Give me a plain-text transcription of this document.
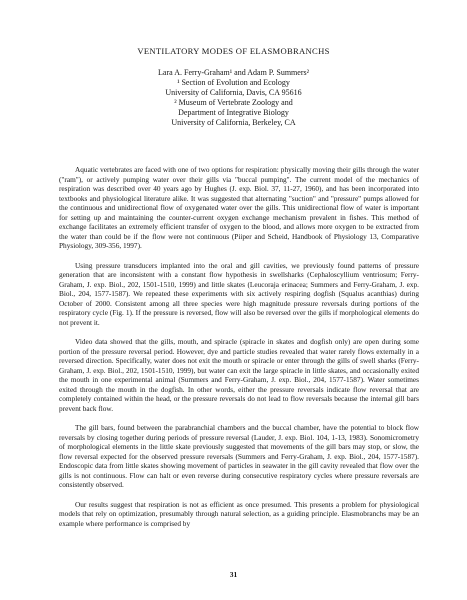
VENTILATORY MODES OF ELASMOBRANCHS
Lara A. Ferry-Graham¹ and Adam P. Summers²
¹ Section of Evolution and Ecology
University of California, Davis, CA 95616
² Museum of Vertebrate Zoology and
Department of Integrative Biology
University of California, Berkeley, CA

Aquatic vertebrates are faced with one of two options for respiration: physically moving their gills through the water ("ram"), or actively pumping water over their gills via "buccal pumping". The current model of the mechanics of respiration was described over 40 years ago by Hughes (J. exp. Biol. 37, 11-27, 1960), and has been incorporated into textbooks and physiological literature alike. It was suggested that alternating "suction" and "pressure" pumps allowed for the continuous and unidirectional flow of oxygenated water over the gills. This unidirectional flow of water is important for setting up and maintaining the counter-current oxygen exchange mechanism prevalent in fishes. This method of exchange facilitates an extremely efficient transfer of oxygen to the blood, and allows more oxygen to be extracted from the water than could be if the flow were not continuous (Piiper and Scheid, Handbook of Physiology 13, Comparative Physiology, 309-356, 1997).

Using pressure transducers implanted into the oral and gill cavities, we previously found patterns of pressure generation that are inconsistent with a constant flow hypothesis in swellsharks (Cephaloscyllium ventriosum; Ferry-Graham, J. exp. Biol., 202, 1501-1510, 1999) and little skates (Leucoraja erinacea; Summers and Ferry-Graham, J. exp. Biol., 204, 1577-1587). We repeated these experiments with six actively respiring dogfish (Squalus acanthias) during October of 2000. Consistent among all three species were high magnitude pressure reversals during portions of the respiratory cycle (Fig. 1). If the pressure is reversed, flow will also be reversed over the gills if morphological elements do not prevent it.

Video data showed that the gills, mouth, and spiracle (spiracle in skates and dogfish only) are open during some portion of the pressure reversal period. However, dye and particle studies revealed that water rarely flows externally in a reversed direction. Specifically, water does not exit the mouth or spiracle or enter through the gills of swell sharks (Ferry-Graham, J. exp. Biol., 202, 1501-1510, 1999), but water can exit the large spiracle in little skates, and occasionally exited the mouth in one experimental animal (Summers and Ferry-Graham, J. exp. Biol., 204, 1577-1587). Water sometimes exited through the mouth in the dogfish. In other words, either the pressure reversals indicate flow reversal that are completely contained within the head, or the pressure reversals do not lead to flow reversals because the internal gill bars prevent back flow.

The gill bars, found between the parabranchial chambers and the buccal chamber, have the potential to block flow reversals by closing together during periods of pressure reversal (Lauder, J. exp. Biol. 104, 1-13, 1983). Sonomicrometry of morphological elements in the little skate previously suggested that movements of the gill bars may stop, or slow, the flow reversal expected for the observed pressure reversals (Summers and Ferry-Graham, J. exp. Biol., 204, 1577-1587). Endoscopic data from little skates showing movement of particles in seawater in the gill cavity revealed that flow over the gills is not continuous. Flow can halt or even reverse during consecutive respiratory cycles where pressure reversals are consistently observed.

Our results suggest that respiration is not as efficient as once presumed. This presents a problem for physiological models that rely on optimization, presumably through natural selection, as a guiding principle. Elasmobranchs may be an example where performance is comprised by

31
